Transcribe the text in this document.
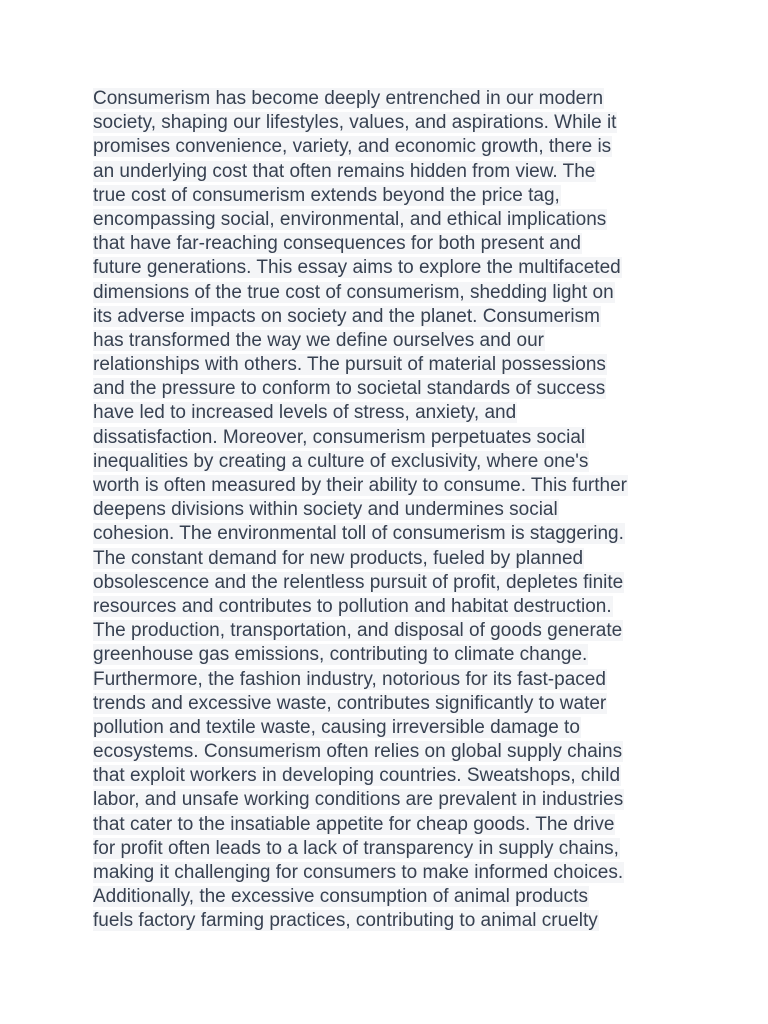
Consumerism has become deeply entrenched in our modern
society, shaping our lifestyles, values, and aspirations. While it
promises convenience, variety, and economic growth, there is
an underlying cost that often remains hidden from view. The
true cost of consumerism extends beyond the price tag,
encompassing social, environmental, and ethical implications
that have far-reaching consequences for both present and
future generations. This essay aims to explore the multifaceted
dimensions of the true cost of consumerism, shedding light on
its adverse impacts on society and the planet. Consumerism
has transformed the way we define ourselves and our
relationships with others. The pursuit of material possessions
and the pressure to conform to societal standards of success
have led to increased levels of stress, anxiety, and
dissatisfaction. Moreover, consumerism perpetuates social
inequalities by creating a culture of exclusivity, where one's
worth is often measured by their ability to consume. This further
deepens divisions within society and undermines social
cohesion. The environmental toll of consumerism is staggering.
The constant demand for new products, fueled by planned
obsolescence and the relentless pursuit of profit, depletes finite
resources and contributes to pollution and habitat destruction.
The production, transportation, and disposal of goods generate
greenhouse gas emissions, contributing to climate change.
Furthermore, the fashion industry, notorious for its fast-paced
trends and excessive waste, contributes significantly to water
pollution and textile waste, causing irreversible damage to
ecosystems. Consumerism often relies on global supply chains
that exploit workers in developing countries. Sweatshops, child
labor, and unsafe working conditions are prevalent in industries
that cater to the insatiable appetite for cheap goods. The drive
for profit often leads to a lack of transparency in supply chains,
making it challenging for consumers to make informed choices.
Additionally, the excessive consumption of animal products
fuels factory farming practices, contributing to animal cruelty
